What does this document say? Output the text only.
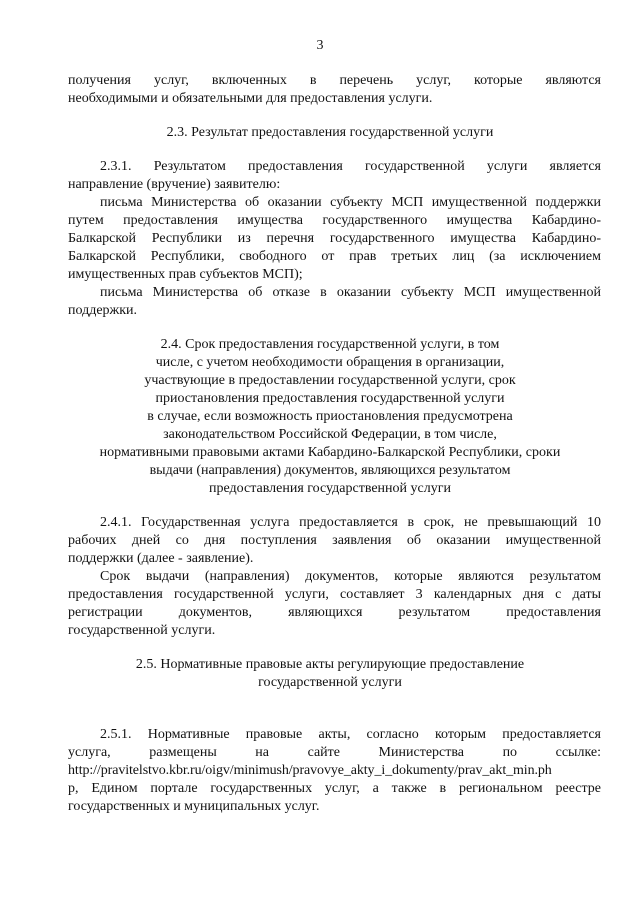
3
получения услуг, включенных в перечень услуг, которые являются
необходимыми и обязательными для предоставления услуги.
2.3. Результат предоставления государственной услуги
2.3.1. Результатом предоставления государственной услуги является
направление (вручение) заявителю:
письма Министерства об оказании субъекту МСП имущественной поддержки
путем предоставления имущества государственного имущества Кабардино-
Балкарской Республики из перечня государственного имущества Кабардино-
Балкарской Республики, свободного от прав третьих лиц (за исключением
имущественных прав субъектов МСП);
письма Министерства об отказе в оказании субъекту МСП имущественной
поддержки.
2.4. Срок предоставления государственной услуги, в том
числе, с учетом необходимости обращения в организации,
участвующие в предоставлении государственной услуги, срок
приостановления предоставления государственной услуги
в случае, если возможность приостановления предусмотрена
законодательством Российской Федерации, в том числе,
нормативными правовыми актами Кабардино-Балкарской Республики, сроки
выдачи (направления) документов, являющихся результатом
предоставления государственной услуги
2.4.1. Государственная услуга предоставляется в срок, не превышающий 10
рабочих дней со дня поступления заявления об оказании имущественной
поддержки (далее - заявление).
Срок выдачи (направления) документов, которые являются результатом
предоставления государственной услуги, составляет 3 календарных дня с даты
регистрации документов, являющихся результатом предоставления
государственной услуги.
2.5. Нормативные правовые акты регулирующие предоставление
государственной услуги
2.5.1. Нормативные правовые акты, согласно которым предоставляется
услуга, размещены на сайте Министерства по ссылке:
http://pravitelstvo.kbr.ru/oigv/minimush/pravovye_akty_i_dokumenty/prav_akt_min.ph
p, Едином портале государственных услуг, а также в региональном реестре
государственных и муниципальных услуг.
